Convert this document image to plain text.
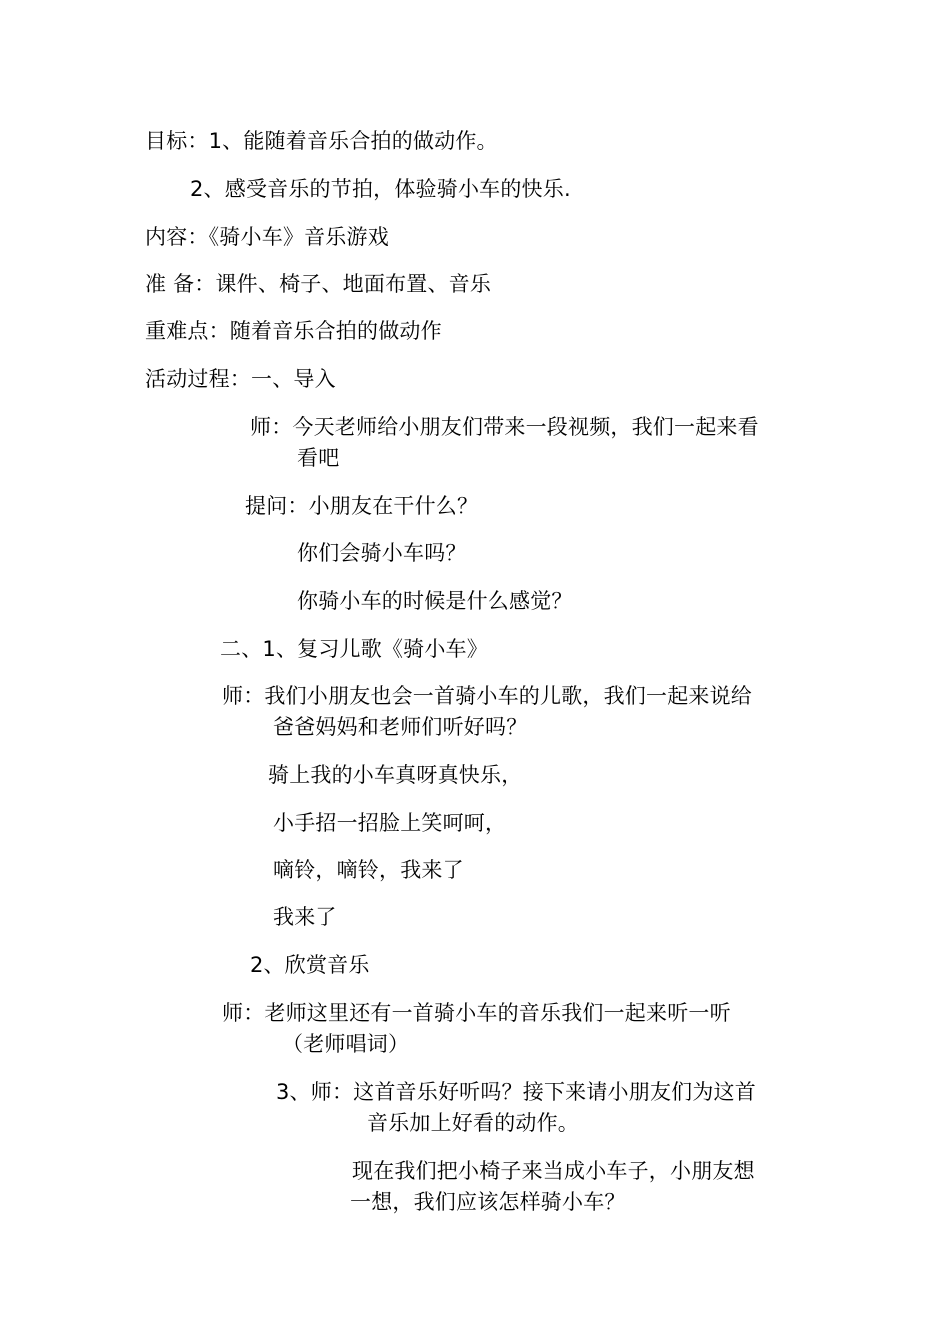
目标：1、能随着音乐合拍的做动作。
2、感受音乐的节拍，体验骑小车的快乐.
内容：《骑小车》音乐游戏
准 备：课件、椅子、地面布置、音乐
重难点：随着音乐合拍的做动作
活动过程：一、导入
师：今天老师给小朋友们带来一段视频，我们一起来看
看吧
提问：小朋友在干什么？
你们会骑小车吗？
你骑小车的时候是什么感觉？
二、1、复习儿歌《骑小车》
师：我们小朋友也会一首骑小车的儿歌，我们一起来说给
爸爸妈妈和老师们听好吗？
骑上我的小车真呀真快乐，
小手招一招脸上笑呵呵，
嘀铃，嘀铃，我来了
我来了
2、欣赏音乐
师：老师这里还有一首骑小车的音乐我们一起来听一听
（老师唱词）
3、师：这首音乐好听吗？接下来请小朋友们为这首
音乐加上好看的动作。
现在我们把小椅子来当成小车子，小朋友想
一想，我们应该怎样骑小车？
